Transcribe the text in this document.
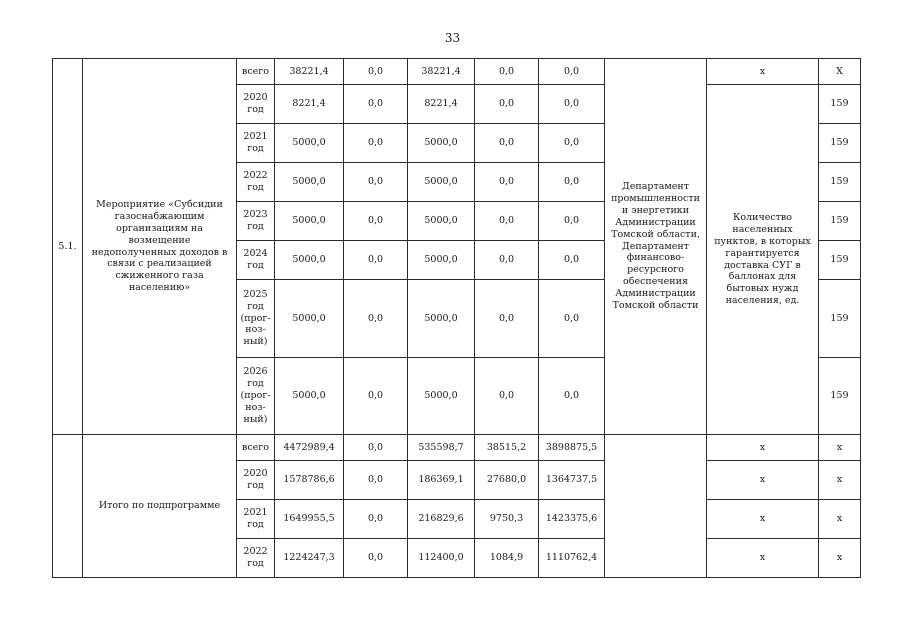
33
5.1.	Мероприятие «Субсидии газоснабжающим организациям на возмещение недополученных доходов в связи с реализацией сжиженного газа населению»	всего	38221,4	0,0	38221,4	0,0	0,0	Департамент промышленности и энергетики Администрации Томской области, Департамент финансово-ресурсного обеспечения Администрации Томской области	x	X
		2020 год	8221,4	0,0	8221,4	0,0	0,0		Количество населенных пунктов, в которых гарантируется доставка СУГ в баллонах для бытовых нужд населения, ед.	159
		2021 год	5000,0	0,0	5000,0	0,0	0,0			159
		2022 год	5000,0	0,0	5000,0	0,0	0,0			159
		2023 год	5000,0	0,0	5000,0	0,0	0,0			159
		2024 год	5000,0	0,0	5000,0	0,0	0,0			159
		2025 год (прог-ноз-ный)	5000,0	0,0	5000,0	0,0	0,0			159
		2026 год (прог-ноз-ный)	5000,0	0,0	5000,0	0,0	0,0			159
	Итого по подпрограмме	всего	4472989,4	0,0	535598,7	38515,2	3898875,5		x	x
		2020 год	1578786,6	0,0	186369,1	27680,0	1364737,5		x	x
		2021 год	1649955,5	0,0	216829,6	9750,3	1423375,6		x	x
		2022 год	1224247,3	0,0	112400,0	1084,9	1110762,4		x	x
